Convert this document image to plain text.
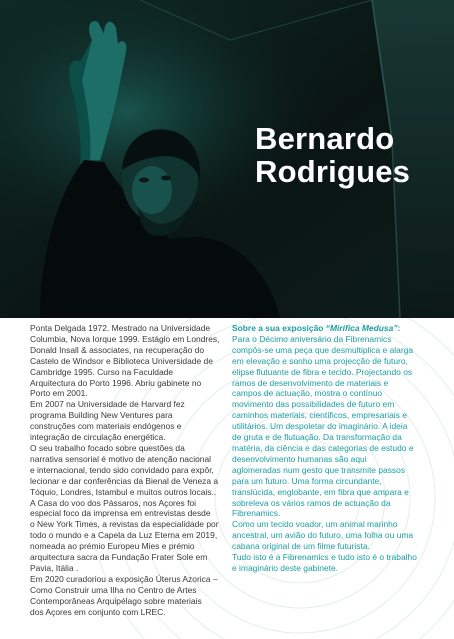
Bernardo
Rodrigues

Ponta Delgada 1972. Mestrado na Universidade

Columbia, Nova Iorque 1999. Estágio em Londres,

Donald Insall & associates, na recuperação do

Castelo de Windsor e Biblioteca Universidade de

Cambridge 1995. Curso na Faculdade

Arquitectura do Porto 1996. Abriu gabinete no

Porto em 2001.

Em 2007 na Universidade de Harvard fez

programa Building New Ventures para

construções com materiais endógenos e

integração de circulação energética.

O seu trabalho focado sobre questões da

narrativa sensorial é motivo de atenção nacional

e internacional, tendo sido convidado para expôr,

lecionar e dar conferências da Bienal de Veneza a

Tóquio, Londres, Istambul e muitos outros locais..

A Casa do voo dos Pássaros, nos Açores foi

especial foco da imprensa em entrevistas desde

o New York Times, a revistas da especialidade por

todo o mundo e a Capela da Luz Eterna em 2019,

nomeada ao prémio Europeu Mies e prémio

arquitectura sacra da Fundação Frater Sole em

Pavia, Itália .

Em 2020 curadoriou a exposição Úterus Azorica –

Como Construir uma Ilha no Centro de Artes

Contemporâneas Arquipélago sobre materiais

dos Açores em conjunto com LREC.

Sobre a sua exposição “Mirífica Medusa”:

Para o Décimo aniversário da Fibrenamics

compôs-se uma peça que desmultiplica e alarga

em elevação e sonho uma projecção de futuro,

elipse flutuante de fibra e tecido. Projectando os

ramos de desenvolvimento de materiais e

campos de actuação, mostra o contínuo

movimento das possibilidades de futuro em

caminhos materiais, científicos, empresariais e

utilitários. Um despoletar do imaginário. A ideia

de gruta e de flutuação. Da transformação da

matéria, da ciência e das categorias de estudo e

desenvolvimento humanas são aqui

aglomeradas num gesto que transmite passos

para um futuro. Uma forma circundante,

translúcida, englobante, em fibra que ampara e

sobreleva os vários ramos de actuação da

Fibrenamics.

Como um tecido voador, um animal marinho

ancestral, um avião do futuro, uma folha ou uma

cabana original de um filme futurista.

Tudo isto é a Fibrenamics e tudo isto é o trabalho

e imaginário deste gabinete.
